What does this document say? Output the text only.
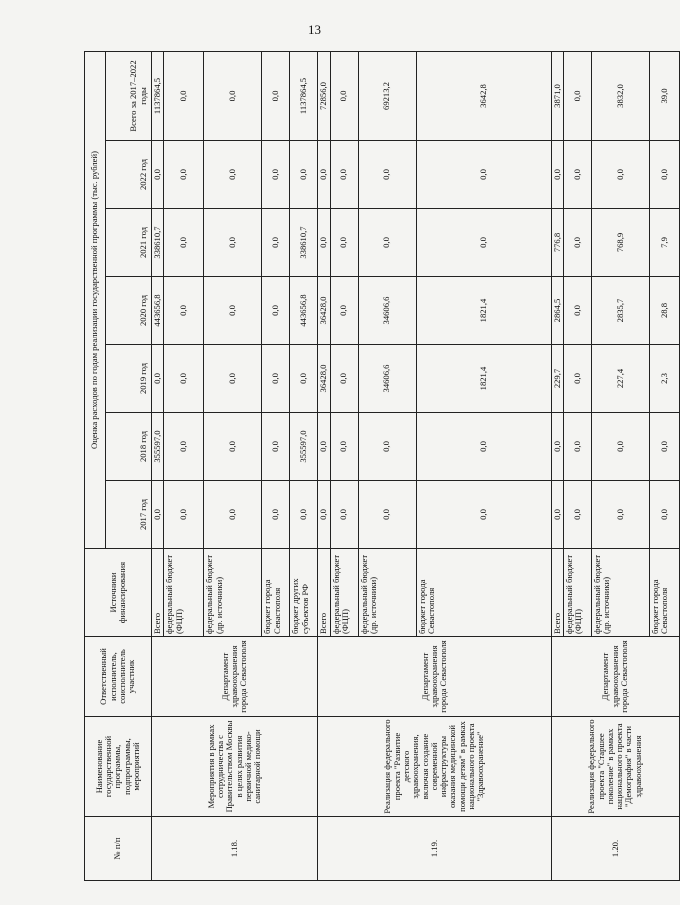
13
№ п/п	Наименование государственной программы, подпрограммы, мероприятий	Ответственный исполнитель, соисполнитель участник	Источники финансирования	Оценка расходов по годам реализации государственной программы (тыс. рублей)						
				2017 год	2018 год	2019 год	2020 год	2021 год	2022 год	Всего за 2017–2022 годы
1.18.	Мероприятия в рамках сотрудничества с Правительством Москвы в целях развития первичной медико-санитарной помощи	Департамент здравоохранения города Севастополя	Всего	0,0	355597,0	0,0	443656,8	338610,7	0,0	1137864,5
			федеральный бюджет (ФЦП)	0,0	0,0	0,0	0,0	0,0	0,0	0,0
			федеральный бюджет (др. источники)	0,0	0,0	0,0	0,0	0,0	0,0	0,0
			бюджет города Севастополя	0,0	0,0	0,0	0,0	0,0	0,0	0,0
			бюджет других субъектов РФ	0,0	355597,0	0,0	443656,8	338610,7	0,0	1137864,5
1.19.	Реализация федерального проекта "Развитие детского здравоохранения, включая создание современной инфраструктуры оказания медицинской помощи детям" в рамках национального проекта "Здравоохранение"	Департамент здравоохранения города Севастополя	Всего	0,0	0,0	36428,0	36428,0	0,0	0,0	72856,0
			федеральный бюджет (ФЦП)	0,0	0,0	0,0	0,0	0,0	0,0	0,0
			федеральный бюджет (др. источники)	0,0	0,0	34606,6	34606,6	0,0	0,0	69213,2
			бюджет города Севастополя	0,0	0,0	1821,4	1821,4	0,0	0,0	3642,8
1.20.	Реализация федерального проекта "Старшее поколение" в рамках национального проекта "Демография" в части здравоохранения	Департамент здравоохранения города Севастополя	Всего	0,0	0,0	229,7	2864,5	776,8	0,0	3871,0
			федеральный бюджет (ФЦП)	0,0	0,0	0,0	0,0	0,0	0,0	0,0
			федеральный бюджет (др. источники)	0,0	0,0	227,4	2835,7	768,9	0,0	3832,0
			бюджет города Севастополя	0,0	0,0	2,3	28,8	7,9	0,0	39,0
